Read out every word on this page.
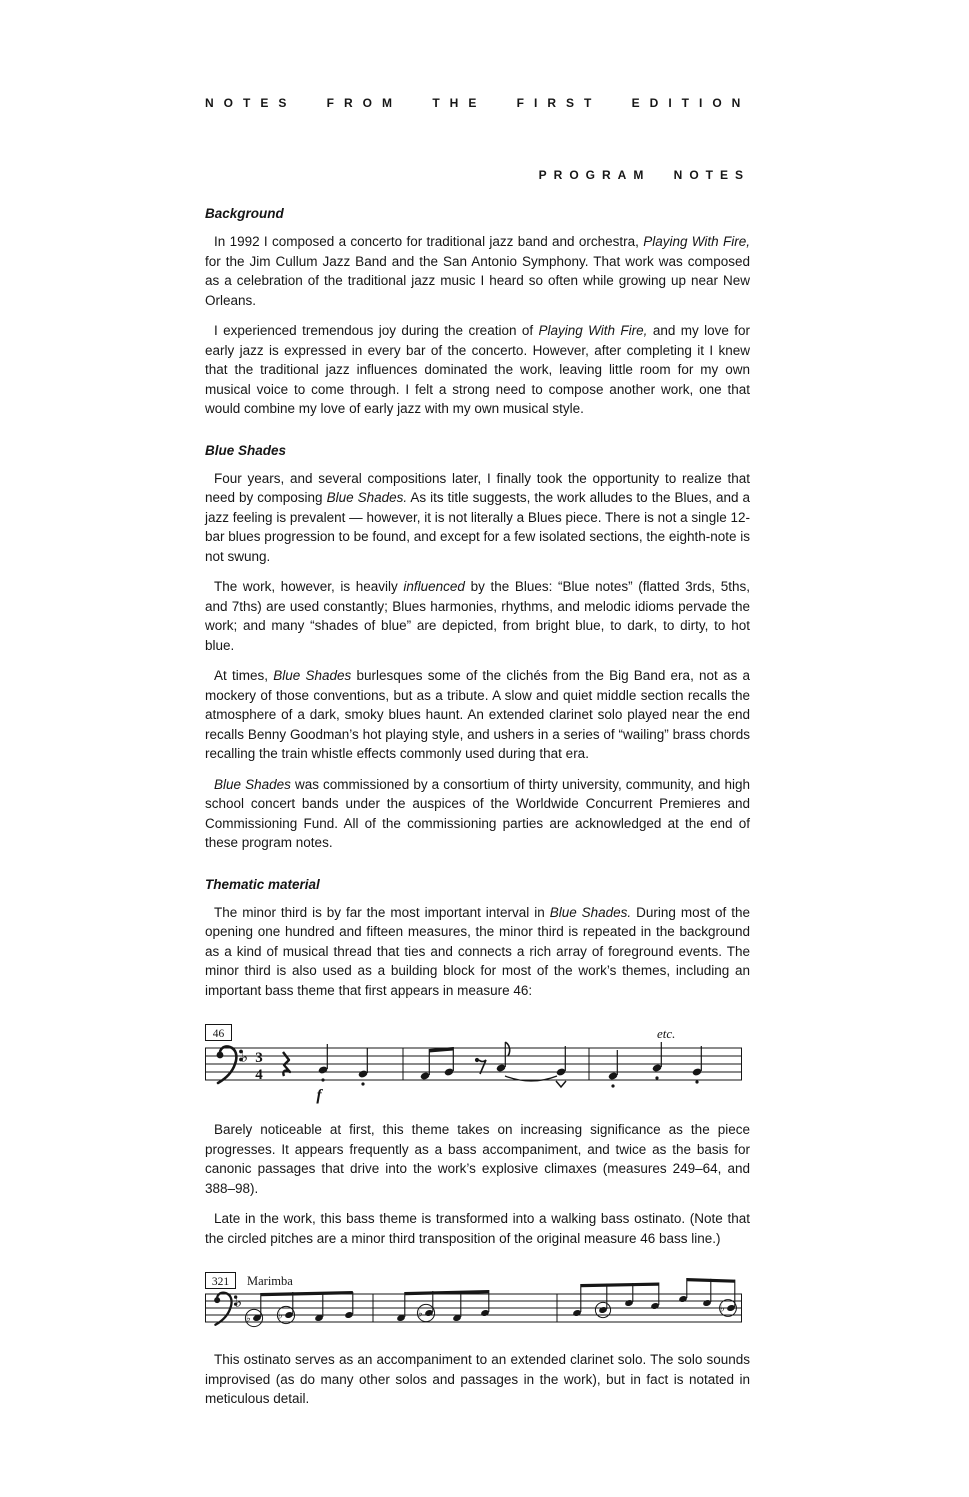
NOTES FROM THE FIRST EDITION
PROGRAM NOTES
Background

In 1992 I composed a concerto for traditional jazz band and orchestra, Playing With Fire, for the Jim Cullum Jazz Band and the San Antonio Symphony. That work was composed as a celebration of the traditional jazz music I heard so often while growing up near New Orleans.

I experienced tremendous joy during the creation of Playing With Fire, and my love for early jazz is expressed in every bar of the concerto. However, after completing it I knew that the traditional jazz influences dominated the work, leaving little room for my own musical voice to come through. I felt a strong need to compose another work, one that would combine my love of early jazz with my own musical style.

Blue Shades

Four years, and several compositions later, I finally took the opportunity to realize that need by composing Blue Shades. As its title suggests, the work alludes to the Blues, and a jazz feeling is prevalent — however, it is not literally a Blues piece. There is not a single 12-bar blues progression to be found, and except for a few isolated sections, the eighth-note is not swung.

The work, however, is heavily influenced by the Blues: “Blue notes” (flatted 3rds, 5ths, and 7ths) are used constantly; Blues harmonies, rhythms, and melodic idioms pervade the work; and many “shades of blue” are depicted, from bright blue, to dark, to dirty, to hot blue.

At times, Blue Shades burlesques some of the clichés from the Big Band era, not as a mockery of those conventions, but as a tribute. A slow and quiet middle section recalls the atmosphere of a dark, smoky blues haunt. An extended clarinet solo played near the end recalls Benny Goodman’s hot playing style, and ushers in a series of “wailing” brass chords recalling the train whistle effects commonly used during that era.

Blue Shades was commissioned by a consortium of thirty university, community, and high school concert bands under the auspices of the Worldwide Concurrent Premieres and Commissioning Fund. All of the commissioning parties are acknowledged at the end of these program notes.

Thematic material

The minor third is by far the most important interval in Blue Shades. During most of the opening one hundred and fifteen measures, the minor third is repeated in the background as a kind of musical thread that ties and connects a rich array of foreground events. The minor third is also used as a building block for most of the work’s themes, including an important bass theme that first appears in measure 46:

46	etc.
♭ 3
4
f

Barely noticeable at first, this theme takes on increasing significance as the piece progresses. It appears frequently as a bass accompaniment, and twice as the basis for canonic passages that drive into the work’s explosive climaxes (measures 249–64, and 388–98).

Late in the work, this bass theme is transformed into a walking bass ostinato. (Note that the circled pitches are a minor third transposition of the original measure 46 bass line.)

321 Marimba
♭
♭	♭	♭	♭

This ostinato serves as an accompaniment to an extended clarinet solo. The solo sounds improvised (as do many other solos and passages in the work), but in fact is notated in meticulous detail.
